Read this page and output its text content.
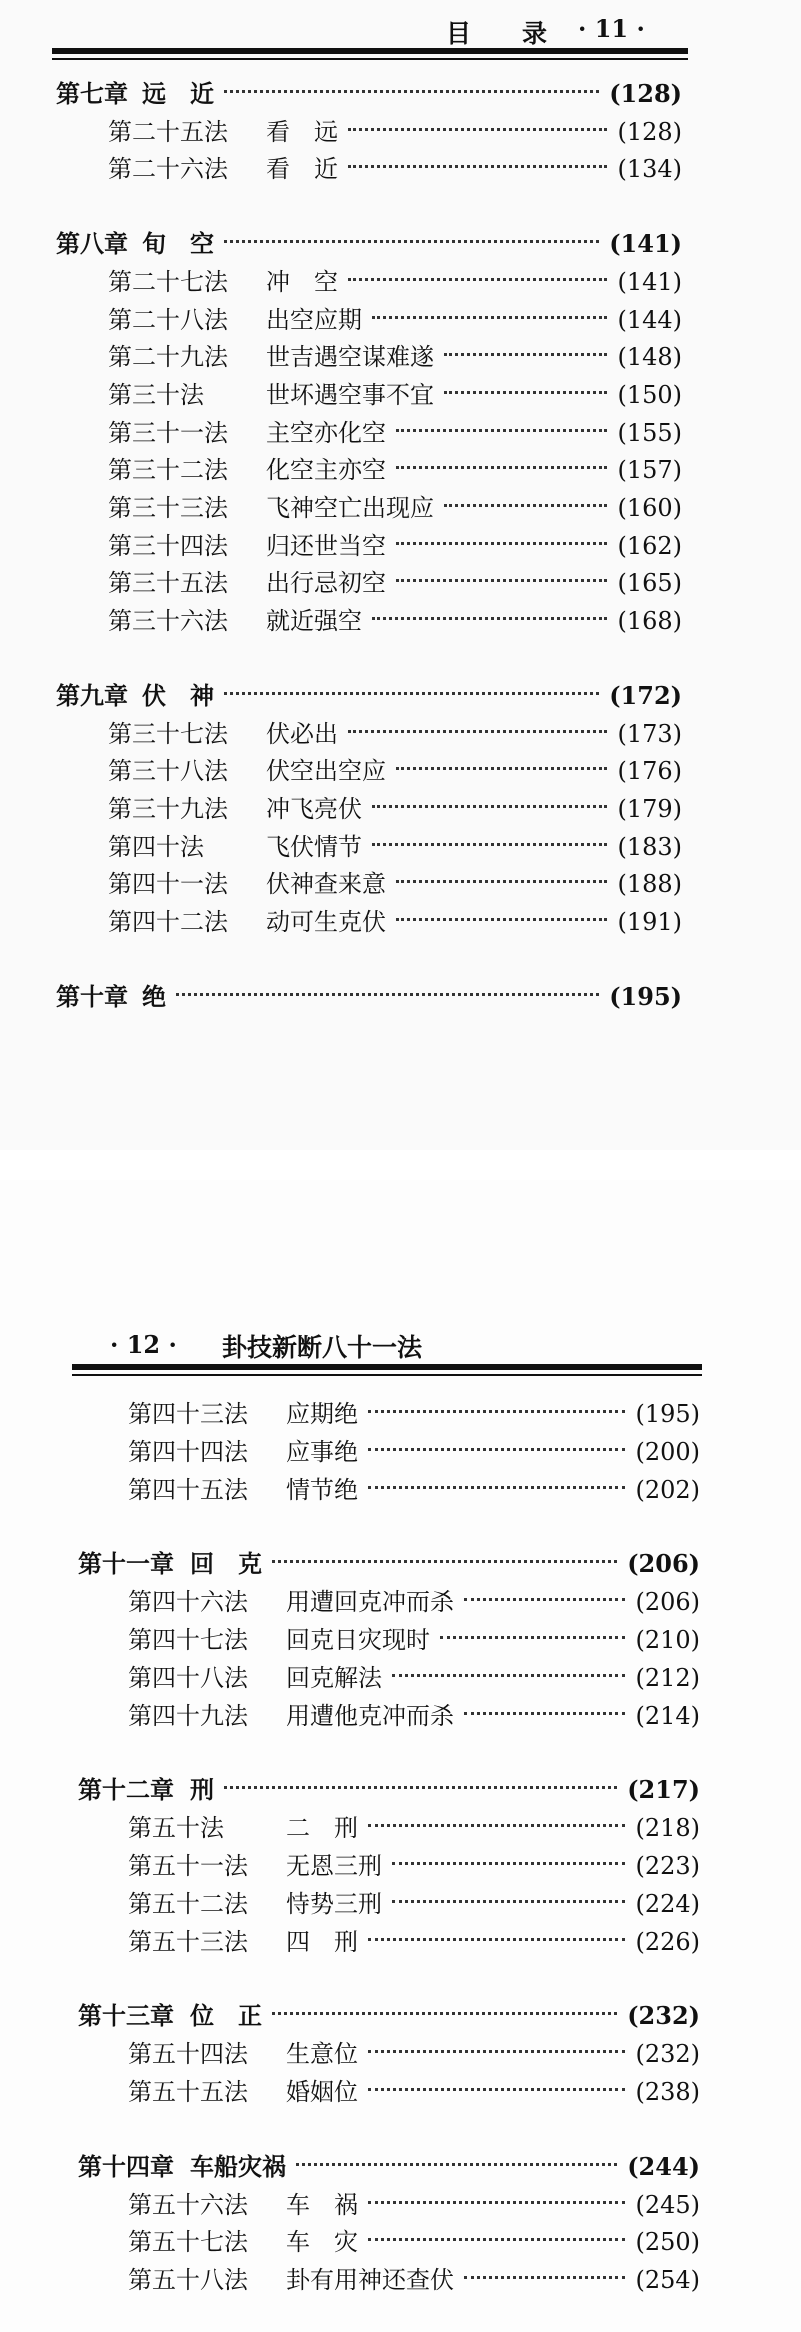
目 录 · 11 ·
第七章 远　近	(128)
第二十五法	看　远	(128)
第二十六法	看　近	(134)
第八章 旬　空	(141)
第二十七法	冲　空	(141)
第二十八法	出空应期	(144)
第二十九法	世吉遇空谋难遂	(148)
第三十法	世坏遇空事不宜	(150)
第三十一法	主空亦化空	(155)
第三十二法	化空主亦空	(157)
第三十三法	飞神空亡出现应	(160)
第三十四法	归还世当空	(162)
第三十五法	出行忌初空	(165)
第三十六法	就近强空	(168)
第九章 伏　神	(172)
第三十七法	伏必出	(173)
第三十八法	伏空出空应	(176)
第三十九法	冲飞亮伏	(179)
第四十法	飞伏情节	(183)
第四十一法	伏神查来意	(188)
第四十二法	动可生克伏	(191)
第十章 绝	(195)
· 12 · 卦技新断八十一法
第四十三法	应期绝	(195)
第四十四法	应事绝	(200)
第四十五法	情节绝	(202)
第十一章 回　克	(206)
第四十六法	用遭回克冲而杀	(206)
第四十七法	回克日灾现时	(210)
第四十八法	回克解法	(212)
第四十九法	用遭他克冲而杀	(214)
第十二章 刑	(217)
第五十法	二　刑	(218)
第五十一法	无恩三刑	(223)
第五十二法	恃势三刑	(224)
第五十三法	四　刑	(226)
第十三章 位　正	(232)
第五十四法	生意位	(232)
第五十五法	婚姻位	(238)
第十四章 车船灾祸	(244)
第五十六法	车　祸	(245)
第五十七法	车　灾	(250)
第五十八法	卦有用神还查伏	(254)
